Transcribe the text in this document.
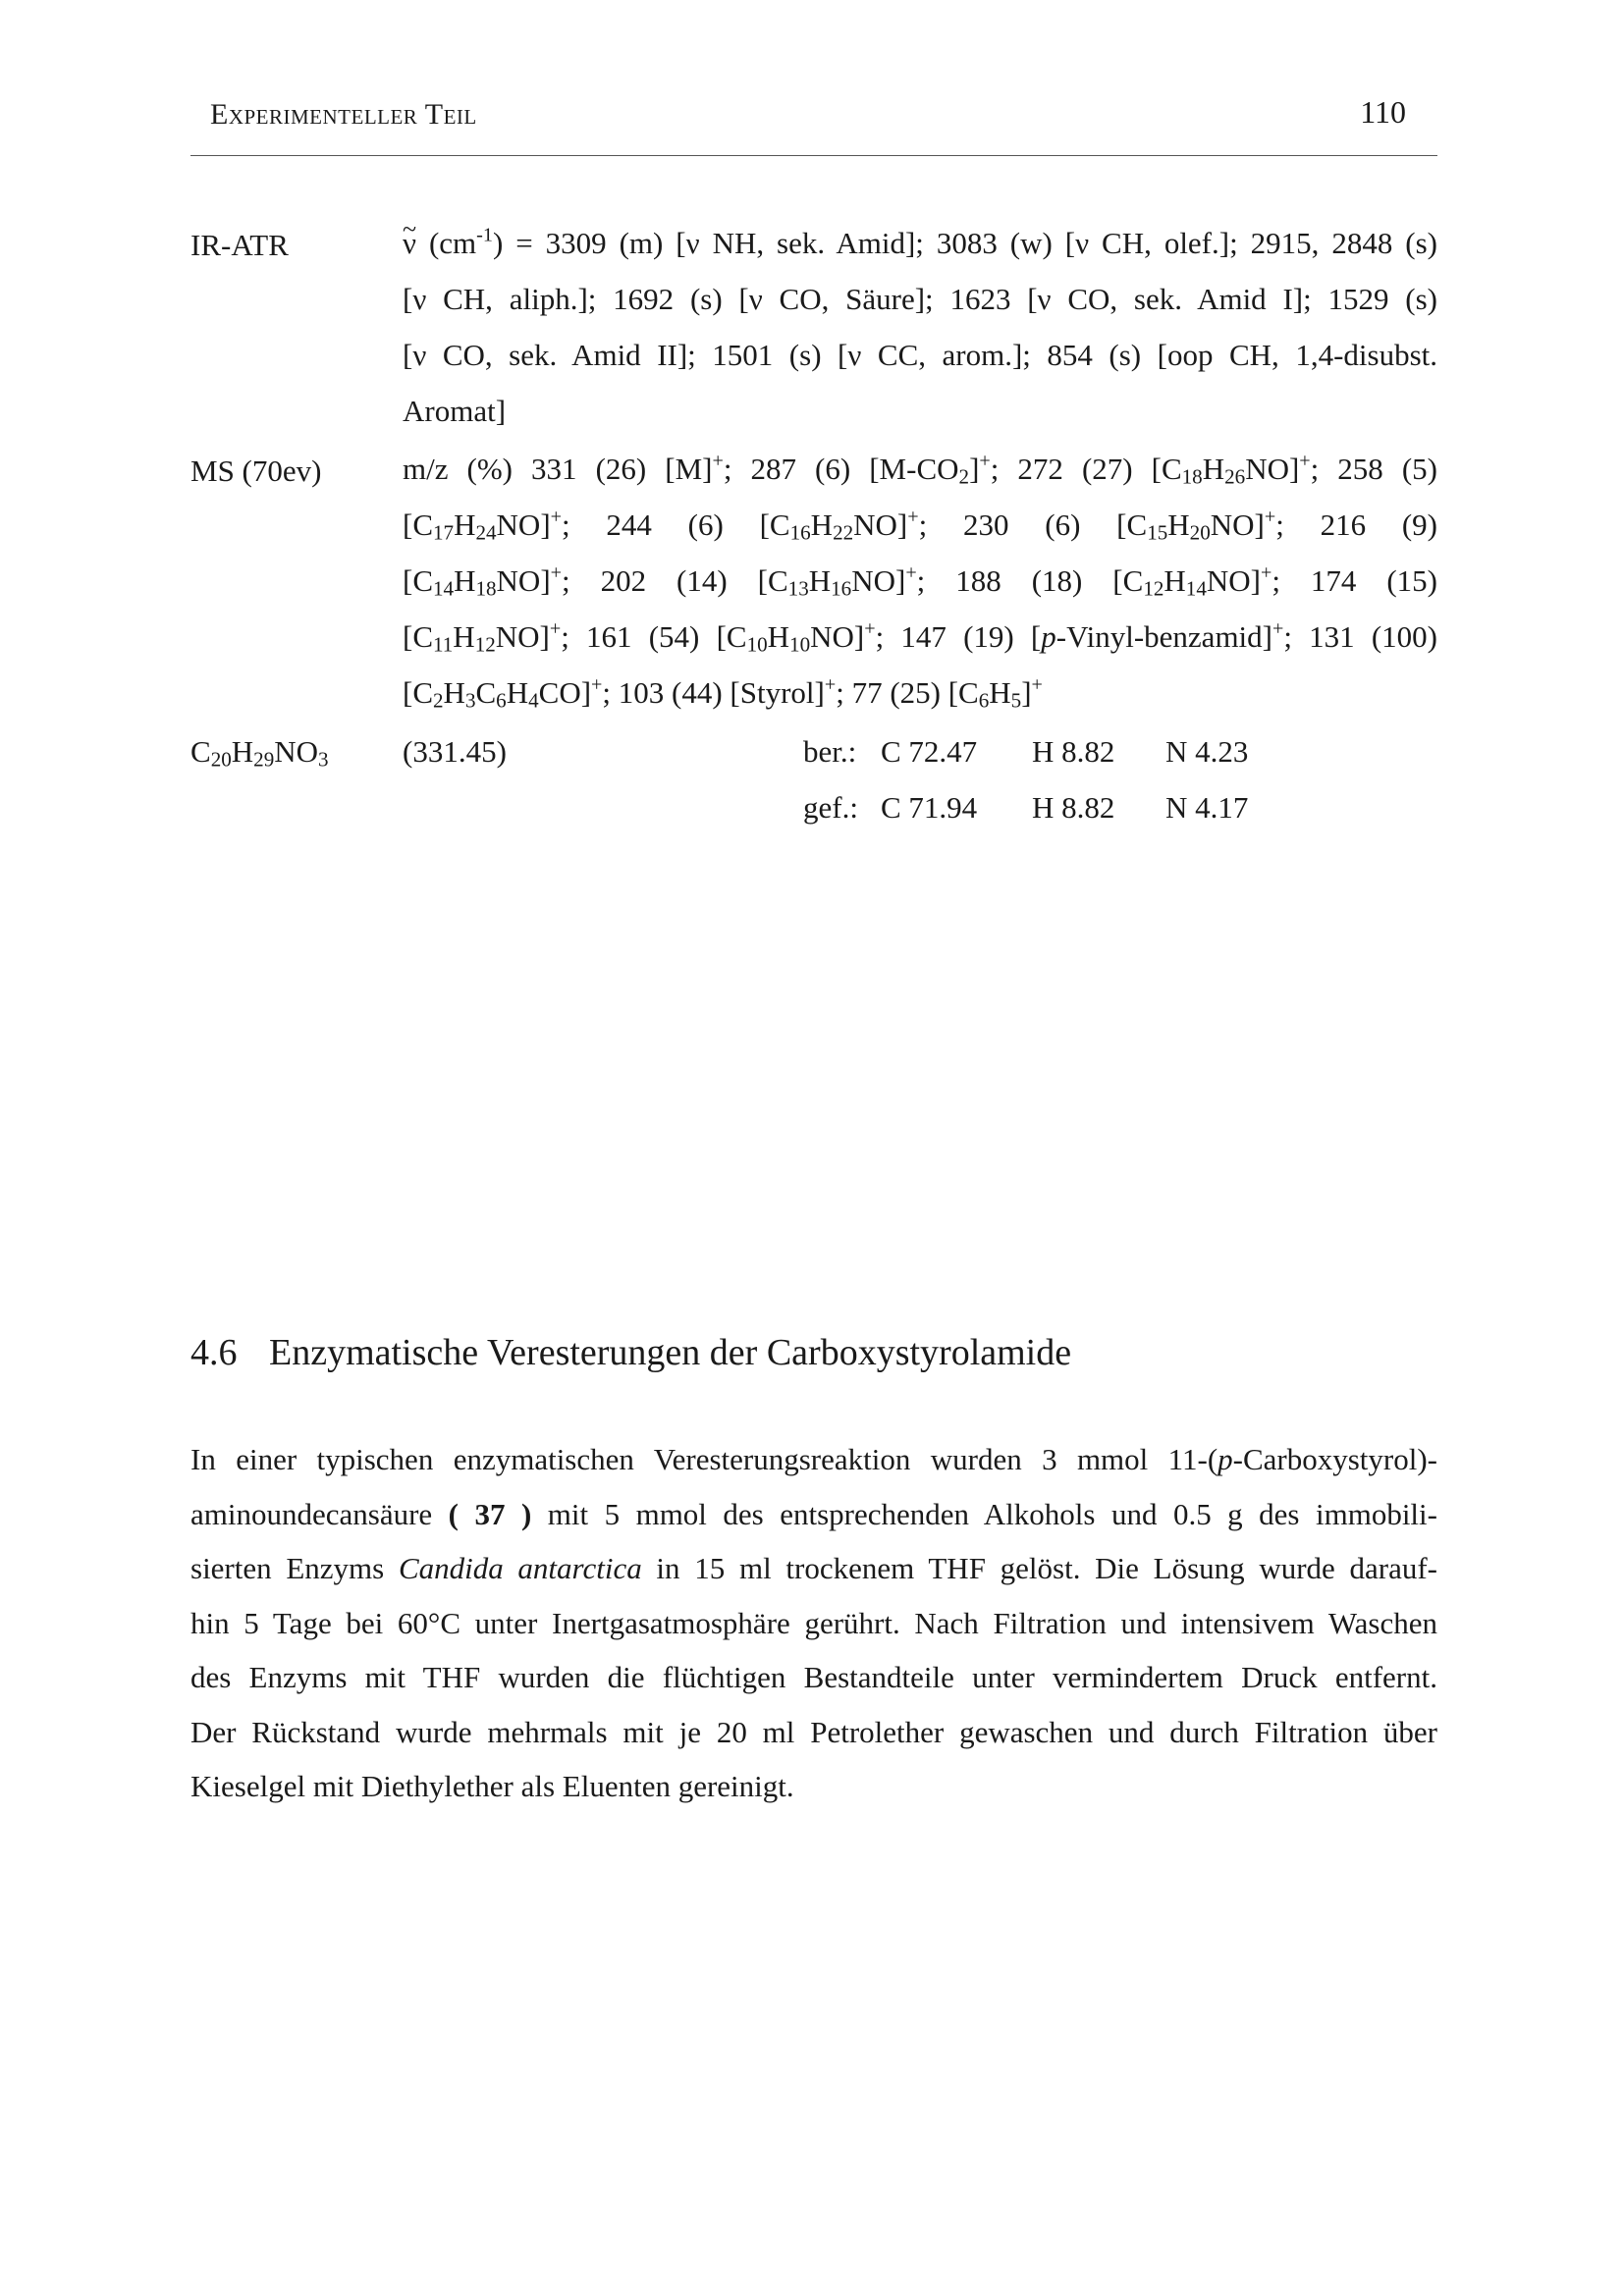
Experimenteller Teil	110
IR-ATR
~	ν $(cm^{-1}) = 3309$ (m) [ν NH, sek. Amid]; 3083 (w) [ν CH, olef.]; 2915, 2848 (s)
[ν CH, aliph.]; 1692 (s) [ν CO, Säure]; 1623 [ν CO, sek. Amid I]; 1529 (s)
[ν CO, sek. Amid II]; 1501 (s) [ν CC, arom.]; 854 (s) [oop CH, 1,4-disubst.
Aromat]
MS (70ev)	m/z (%) 331 (26) [M]+; 287 (6) $[M-CO_2]^+$; 272 (27) $[C_{18}H_{26}NO]^+$; 258 (5)
$[C_{17}H_{24}NO]^+$;  244  (6)  $[C_{16}H_{22}NO]^+$;  230  (6)  $[C_{15}H_{20}NO]^+$;  216  (9)
$[C_{14}H_{18}NO]^+$;  202  (14)  $[C_{13}H_{16}NO]^+$;  188  (18)  $[C_{12}H_{14}NO]^+$;  174  (15)
$[C_{11}H_{12}NO]^+$; 161 (54) $[C_{10}H_{10}NO]^+$; 147 (19) [p-Vinyl-benzamid]+; 131 (100)
$[C_2H_3C_6H_4CO]^+$; 103 (44) [Styrol]+; 77 (25) $[C_6H_5]^+$
$C_{20}H_{29}NO_3$ (331.45)	ber.: C 72.47 H 8.82 N 4.23
gef.: C 71.94 H 8.82 N 4.17
4.6 Enzymatische Veresterungen der Carboxystyrolamide
In einer typischen enzymatischen Veresterungsreaktion wurden 3 mmol 11-(p-Carboxystyrol)-
aminoundecansäure ( 37 ) mit 5 mmol des entsprechenden Alkohols und 0.5 g des immobili-
sierten Enzyms Candida antarctica in 15 ml trockenem THF gelöst. Die Lösung wurde darauf-
hin 5 Tage bei 60°C unter Inertgasatmosphäre gerührt. Nach Filtration und intensivem Waschen
des Enzyms mit THF wurden die flüchtigen Bestandteile unter vermindertem Druck entfernt.
Der Rückstand wurde mehrmals mit je 20 ml Petrolether gewaschen und durch Filtration über
Kieselgel mit Diethylether als Eluenten gereinigt.
